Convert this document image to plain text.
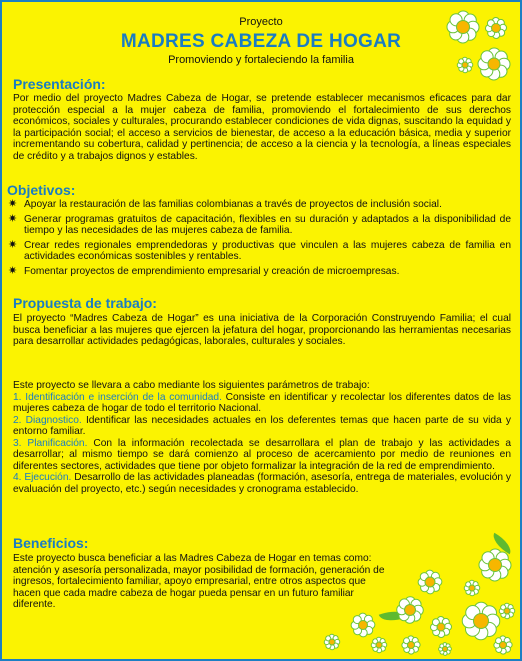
Proyecto
MADRES CABEZA DE HOGAR
Promoviendo y fortaleciendo la familia
Presentación:

Por medio del proyecto Madres Cabeza de Hogar, se pretende establecer mecanismos eficaces para dar protección especial a la mujer cabeza de familia, promoviendo el fortalecimiento de sus derechos económicos, sociales y culturales, procurando establecer condiciones de vida dignas, suscitando la equidad y la participación social; el acceso a servicios de bienestar, de acceso a la educación básica, media y superior incrementando su cobertura, calidad y pertinencia; de acceso a la ciencia y la tecnología, a líneas especiales de crédito y a trabajos dignos y estables.

Objetivos:
✷ Apoyar la restauración de las familias colombianas a través de proyectos de inclusión social.
✷ Generar programas gratuitos de capacitación, flexibles en su duración y adaptados a la disponibilidad de tiempo y las necesidades de las mujeres cabeza de familia.
✷ Crear redes regionales emprendedoras y productivas que vinculen a las mujeres cabeza de familia en actividades económicas sostenibles y rentables.
✷ Fomentar proyectos de emprendimiento empresarial y creación de microempresas.
Propuesta de trabajo:

El proyecto “Madres Cabeza de Hogar” es una iniciativa de la Corporación Construyendo Familia; el cual busca beneficiar a las mujeres que ejercen la jefatura del hogar, proporcionando las herramientas necesarias para desarrollar actividades pedagógicas, laborales, culturales y sociales.

Este proyecto se llevara a cabo mediante los siguientes parámetros de trabajo:

1. Identificación e inserción de la comunidad. Consiste en identificar y recolectar los diferentes datos de las mujeres cabeza de hogar de todo el territorio Nacional.

2. Diagnostico. Identificar las necesidades actuales en los deferentes temas que hacen parte de su vida y entorno familiar.

3. Planificación. Con la información recolectada se desarrollara el plan de trabajo y las actividades a desarrollar; al mismo tiempo se dará comienzo al proceso de acercamiento por medio de reuniones en diferentes sectores, actividades que tiene por objeto formalizar la integración de la red de emprendimiento.

4. Ejecución. Desarrollo de las actividades planeadas (formación, asesoría, entrega de materiales, evolución y evaluación del proyecto, etc.) según necesidades y cronograma establecido.

Beneficios:

Este proyecto busca beneficiar a las Madres Cabeza de Hogar en temas como: atención y asesoría personalizada, mayor posibilidad de formación, generación de ingresos, fortalecimiento familiar, apoyo empresarial, entre otros aspectos que hacen que cada madre cabeza de hogar pueda pensar en un futuro familiar diferente.
